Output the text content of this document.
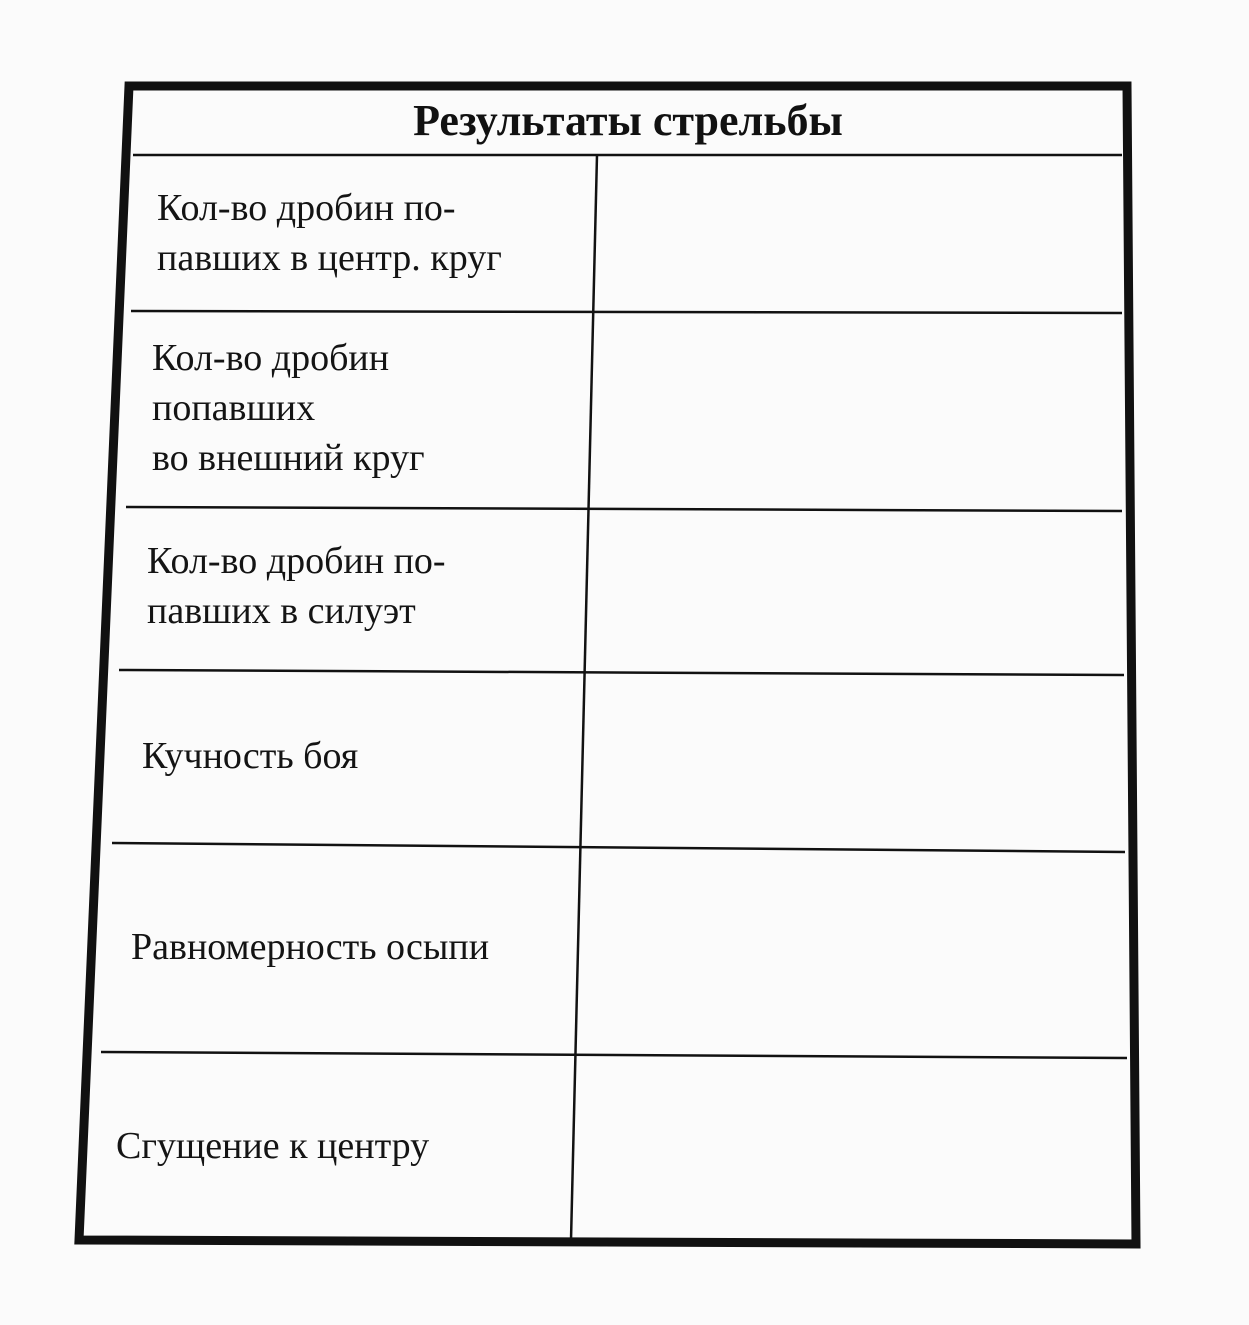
Результаты стрельбы
Кол-во дробин по-
павших в центр. круг
Кол-во дробин
попавших
во внешний круг
Кол-во дробин по-
павших в силуэт
Кучность боя
Равномерность осыпи
Сгущение к центру
